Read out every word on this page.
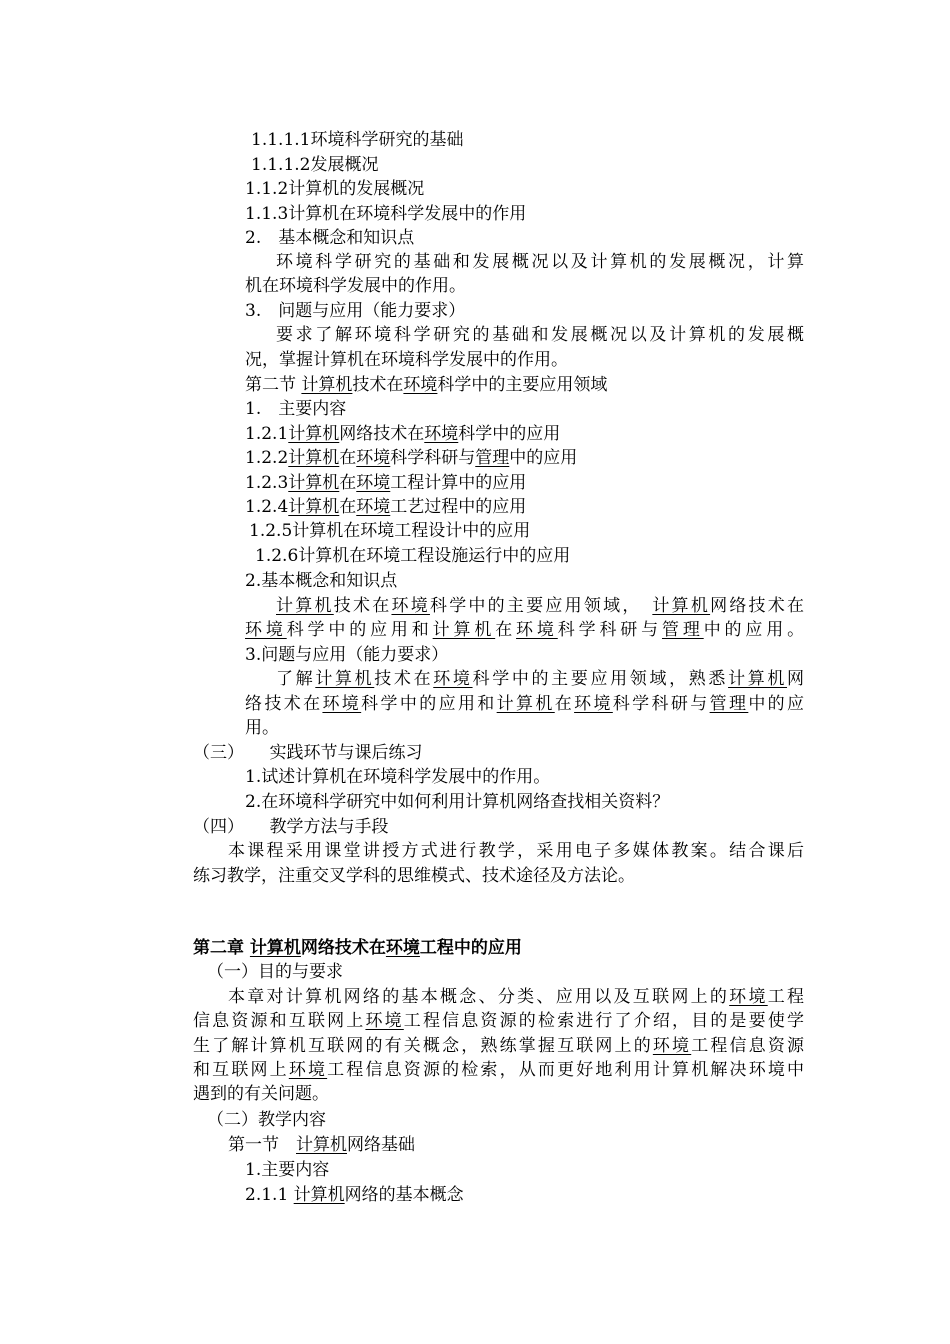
1.1.1.1环境科学研究的基础
1.1.1.2发展概况
1.1.2计算机的发展概况
1.1.3计算机在环境科学发展中的作用
2.　基本概念和知识点
环境科学研究的基础和发展概况以及计算机的发展概况，计算
机在环境科学发展中的作用。
3.　问题与应用（能力要求）
要求了解环境科学研究的基础和发展概况以及计算机的发展概
况，掌握计算机在环境科学发展中的作用。
第二节 计算机技术在环境科学中的主要应用领域
1.　主要内容
1.2.1计算机网络技术在环境科学中的应用
1.2.2计算机在环境科学科研与管理中的应用
1.2.3计算机在环境工程计算中的应用
1.2.4计算机在环境工艺过程中的应用
1.2.5计算机在环境工程设计中的应用
1.2.6计算机在环境工程设施运行中的应用
2.基本概念和知识点
计算机技术在环境科学中的主要应用领域，　计算机网络技术在
环境科学中的应用和计算机在环境科学科研与管理中的应用。
3.问题与应用（能力要求）
了解计算机技术在环境科学中的主要应用领域，熟悉计算机网
络技术在环境科学中的应用和计算机在环境科学科研与管理中的应
用。
（三）　　实践环节与课后练习
1.试述计算机在环境科学发展中的作用。
2.在环境科学研究中如何利用计算机网络查找相关资料？
（四）　　教学方法与手段
本课程采用课堂讲授方式进行教学，采用电子多媒体教案。结合课后
练习教学，注重交叉学科的思维模式、技术途径及方法论。
第二章 计算机网络技术在环境工程中的应用
（一）目的与要求
本章对计算机网络的基本概念、分类、应用以及互联网上的环境工程
信息资源和互联网上环境工程信息资源的检索进行了介绍，目的是要使学
生了解计算机互联网的有关概念，熟练掌握互联网上的环境工程信息资源
和互联网上环境工程信息资源的检索，从而更好地利用计算机解决环境中
遇到的有关问题。
（二）教学内容
第一节　计算机网络基础
1.主要内容
2.1.1 计算机网络的基本概念
